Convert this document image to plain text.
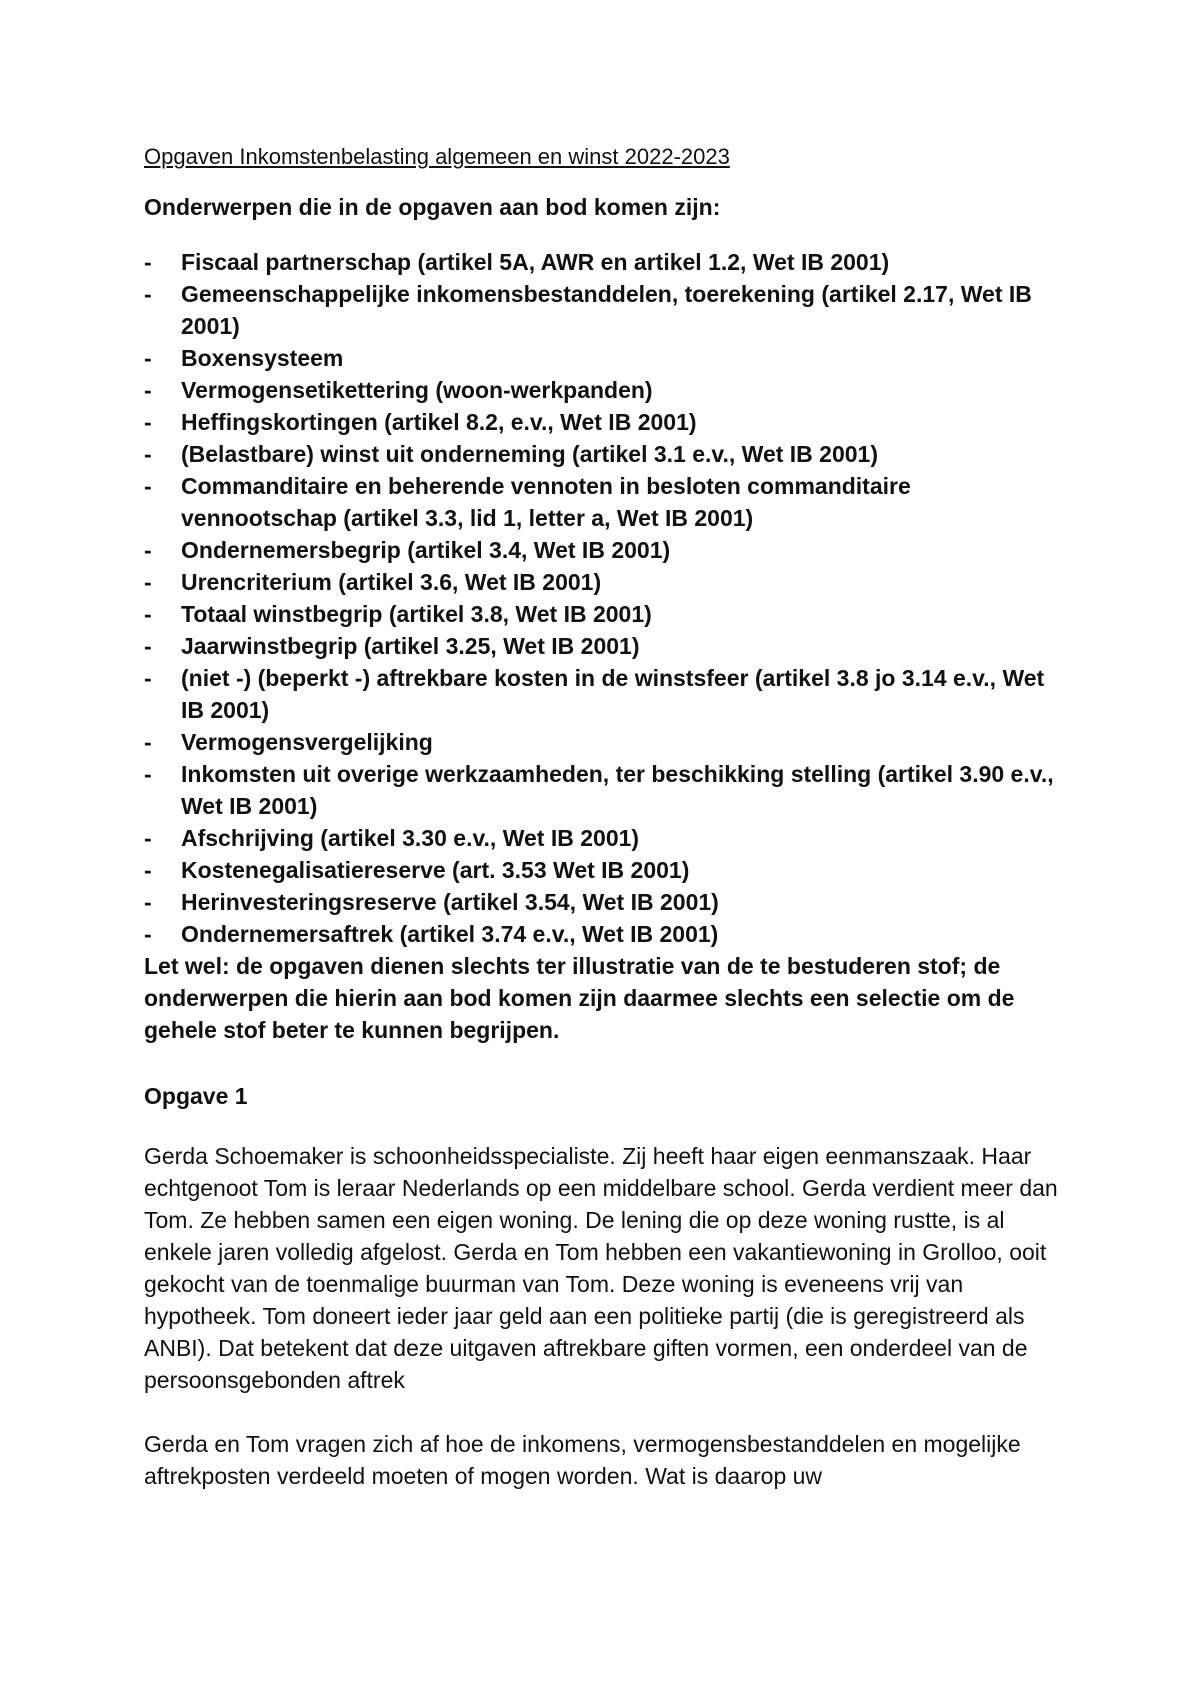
Opgaven Inkomstenbelasting algemeen en winst 2022-2023
Onderwerpen die in de opgaven aan bod komen zijn:
- Fiscaal partnerschap (artikel 5A, AWR en artikel 1.2, Wet IB 2001)
- Gemeenschappelijke inkomensbestanddelen, toerekening (artikel 2.17, Wet IB 2001)
- Boxensysteem
- Vermogensetikettering (woon-werkpanden)
- Heffingskortingen (artikel 8.2, e.v., Wet IB 2001)
- (Belastbare) winst uit onderneming (artikel 3.1 e.v., Wet IB 2001)
- Commanditaire en beherende vennoten in besloten commanditaire vennootschap (artikel 3.3, lid 1, letter a, Wet IB 2001)
- Ondernemersbegrip (artikel 3.4, Wet IB 2001)
- Urencriterium (artikel 3.6, Wet IB 2001)
- Totaal winstbegrip (artikel 3.8, Wet IB 2001)
- Jaarwinstbegrip (artikel 3.25, Wet IB 2001)
- (niet -) (beperkt -) aftrekbare kosten in de winstsfeer (artikel 3.8 jo 3.14 e.v., Wet IB 2001)
- Vermogensvergelijking
- Inkomsten uit overige werkzaamheden, ter beschikking stelling (artikel 3.90 e.v., Wet IB 2001)
- Afschrijving (artikel 3.30 e.v., Wet IB 2001)
- Kostenegalisatiereserve (art. 3.53 Wet IB 2001)
- Herinvesteringsreserve (artikel 3.54, Wet IB 2001)
- Ondernemersaftrek (artikel 3.74 e.v., Wet IB 2001)

Let wel: de opgaven dienen slechts ter illustratie van de te bestuderen stof; de onderwerpen die hierin aan bod komen zijn daarmee slechts een selectie om de gehele stof beter te kunnen begrijpen.

Opgave 1

Gerda Schoemaker is schoonheidsspecialiste. Zij heeft haar eigen eenmanszaak. Haar echtgenoot Tom is leraar Nederlands op een middelbare school. Gerda verdient meer dan Tom. Ze hebben samen een eigen woning. De lening die op deze woning rustte, is al enkele jaren volledig afgelost. Gerda en Tom hebben een vakantiewoning in Grolloo, ooit gekocht van de toenmalige buurman van Tom. Deze woning is eveneens vrij van hypotheek. Tom doneert ieder jaar geld aan een politieke partij (die is geregistreerd als ANBI). Dat betekent dat deze uitgaven aftrekbare giften vormen, een onderdeel van de persoonsgebonden aftrek

Gerda en Tom vragen zich af hoe de inkomens, vermogensbestanddelen en mogelijke aftrekposten verdeeld moeten of mogen worden. Wat is daarop uw
